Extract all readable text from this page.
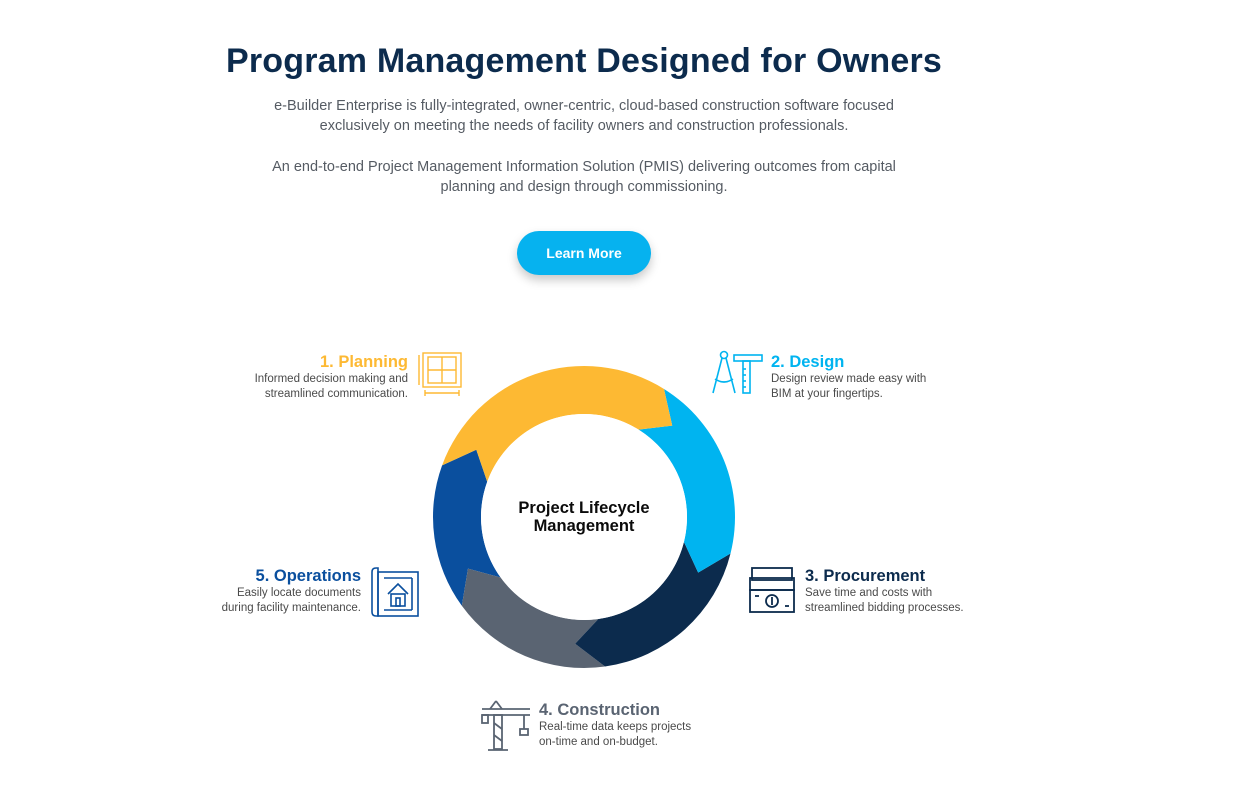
Program Management Designed for Owners
e-Builder Enterprise is fully-integrated, owner-centric, cloud-based construction software focused
exclusively on meeting the needs of facility owners and construction professionals.
An end-to-end Project Management Information Solution (PMIS) delivering outcomes from capital
planning and design through commissioning.
Learn More
Project Lifecycle
Management
1. Planning
Informed decision making and
streamlined communication.
2. Design
Design review made easy with
BIM at your fingertips.
3. Procurement
Save time and costs with
streamlined bidding processes.
4. Construction
Real-time data keeps projects
on-time and on-budget.
5. Operations
Easily locate documents
during facility maintenance.
